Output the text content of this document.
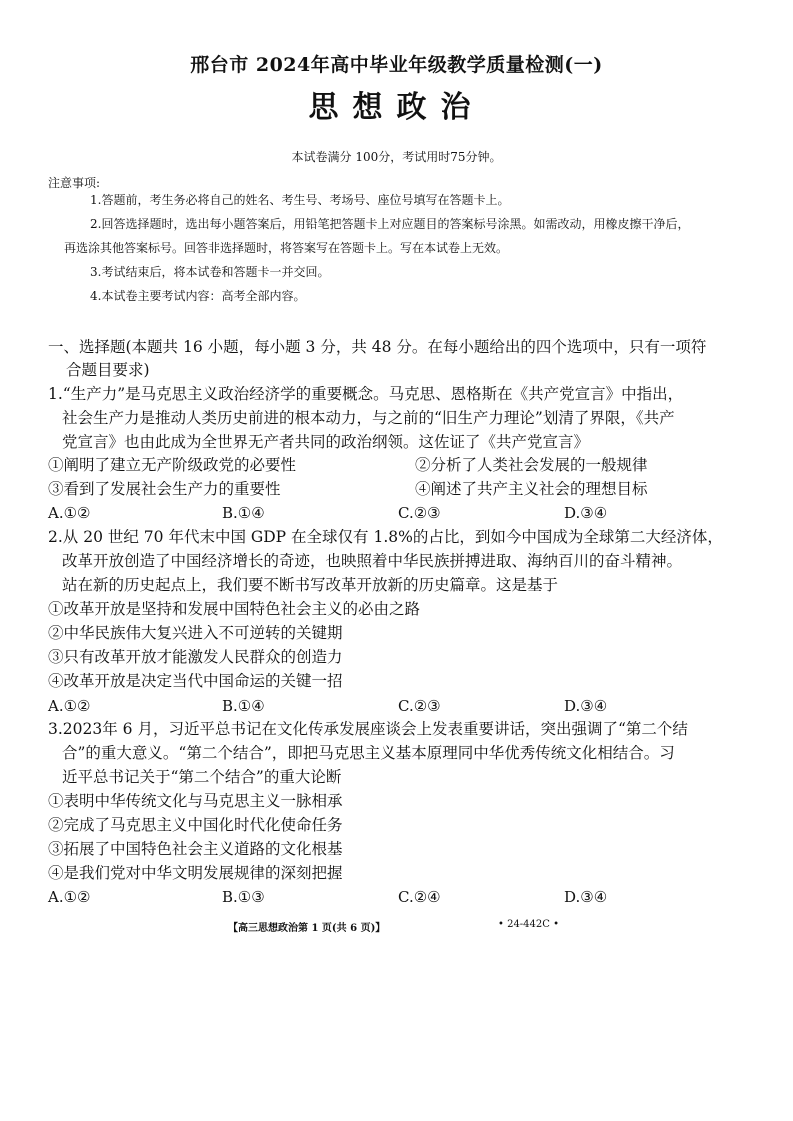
邢台市 2024年高中毕业年级教学质量检测(一)
思想政治
本试卷满分 100分，考试用时75分钟。
注意事项:
1.答题前，考生务必将自己的姓名、考生号、考场号、座位号填写在答题卡上。
2.回答选择题时，选出每小题答案后，用铅笔把答题卡上对应题目的答案标号涂黑。如需改动，用橡皮擦干净后，
再选涂其他答案标号。回答非选择题时，将答案写在答题卡上。写在本试卷上无效。
3.考试结束后，将本试卷和答题卡一并交回。
4.本试卷主要考试内容：高考全部内容。
一、选择题(本题共 16 小题，每小题 3 分，共 48 分。在每小题给出的四个选项中，只有一项符
合题目要求)
1.“生产力”是马克思主义政治经济学的重要概念。马克思、恩格斯在《共产党宣言》中指出，
社会生产力是推动人类历史前进的根本动力，与之前的“旧生产力理论”划清了界限，《共产
党宣言》也由此成为全世界无产者共同的政治纲领。这佐证了《共产党宣言》
①阐明了建立无产阶级政党的必要性	②分析了人类社会发展的一般规律
③看到了发展社会生产力的重要性	④阐述了共产主义社会的理想目标
A.①②	B.①④	C.②③	D.③④
2.从 20 世纪 70 年代末中国 GDP 在全球仅有 1.8%的占比，到如今中国成为全球第二大经济体，
改革开放创造了中国经济增长的奇迹，也映照着中华民族拼搏进取、海纳百川的奋斗精神。
站在新的历史起点上，我们要不断书写改革开放新的历史篇章。这是基于
①改革开放是坚持和发展中国特色社会主义的必由之路
②中华民族伟大复兴进入不可逆转的关键期
③只有改革开放才能激发人民群众的创造力
④改革开放是决定当代中国命运的关键一招
A.①②	B.①④	C.②③	D.③④
3.2023年 6 月，习近平总书记在文化传承发展座谈会上发表重要讲话，突出强调了“第二个结
合”的重大意义。“第二个结合”，即把马克思主义基本原理同中华优秀传统文化相结合。习
近平总书记关于“第二个结合”的重大论断
①表明中华传统文化与马克思主义一脉相承
②完成了马克思主义中国化时代化使命任务
③拓展了中国特色社会主义道路的文化根基
④是我们党对中华文明发展规律的深刻把握
A.①②	B.①③	C.②④	D.③④
【高三思想政治第 1 页(共 6 页)】	• 24-442C •
